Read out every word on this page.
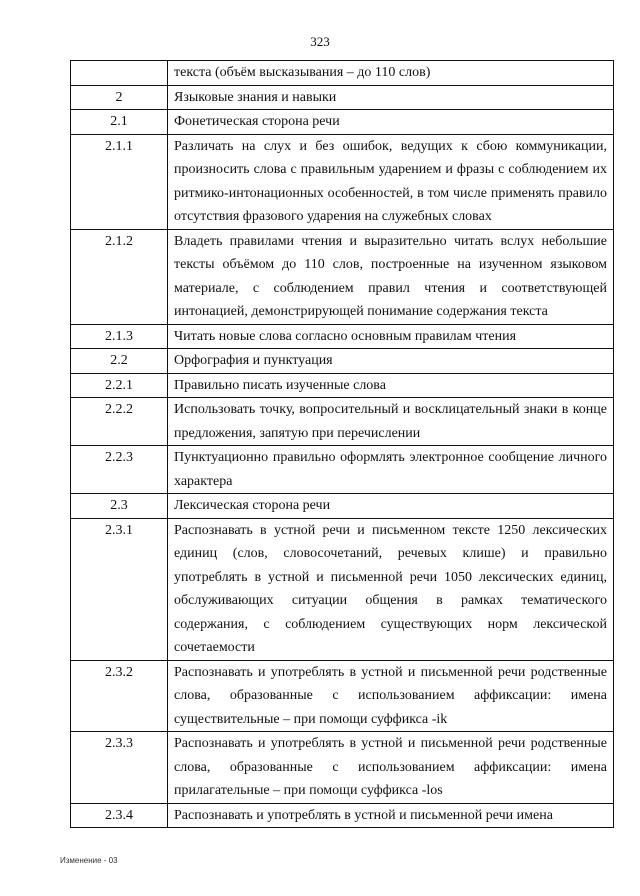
323
	текста (объём высказывания – до 110 слов)
2	Языковые знания и навыки
2.1	Фонетическая сторона речи
2.1.1	Различать на слух и без ошибок, ведущих к сбою коммуникации, произносить слова с правильным ударением и фразы с соблюдением их ритмико-интонационных особенностей, в том числе применять правило отсутствия фразового ударения на служебных словах
2.1.2	Владеть правилами чтения и выразительно читать вслух небольшие тексты объёмом до 110 слов, построенные на изученном языковом материале, с соблюдением правил чтения и соответствующей интонацией, демонстрирующей понимание содержания текста
2.1.3	Читать новые слова согласно основным правилам чтения
2.2	Орфография и пунктуация
2.2.1	Правильно писать изученные слова
2.2.2	Использовать точку, вопросительный и восклицательный знаки в конце предложения, запятую при перечислении
2.2.3	Пунктуационно правильно оформлять электронное сообщение личного характера
2.3	Лексическая сторона речи
2.3.1	Распознавать в устной речи и письменном тексте 1250 лексических единиц (слов, словосочетаний, речевых клише) и правильно употреблять в устной и письменной речи 1050 лексических единиц, обслуживающих ситуации общения в рамках тематического содержания, с соблюдением существующих норм лексической сочетаемости
2.3.2	Распознавать и употреблять в устной и письменной речи родственные слова, образованные с использованием аффиксации: имена существительные – при помощи суффикса -ik
2.3.3	Распознавать и употреблять в устной и письменной речи родственные слова, образованные с использованием аффиксации: имена прилагательные – при помощи суффикса -los
2.3.4	Распознавать и употреблять в устной и письменной речи имена
Изменение - 03
